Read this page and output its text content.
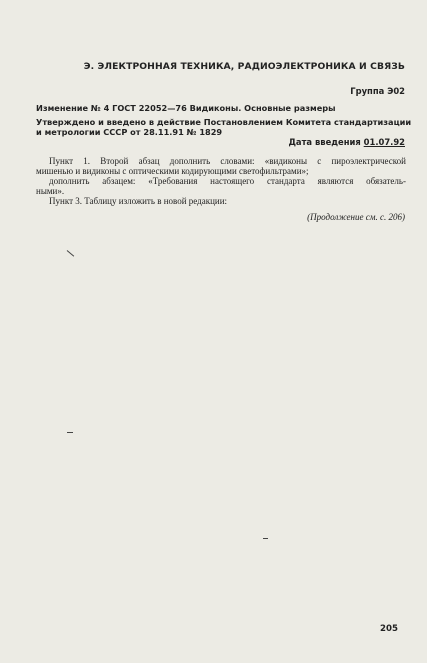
Э. ЭЛЕКТРОННАЯ ТЕХНИКА, РАДИОЭЛЕКТРОНИКА И СВЯЗЬ
Группа Э02
Изменение № 4 ГОСТ 22052—76 Видиконы. Основные размеры
Утверждено и введено в действие Постановлением Комитета стандартизации
и метрологии СССР от 28.11.91 № 1829
Дата введения 01.07.92
Пункт 1. Второй абзац дополнить словами: «видиконы с пироэлектрической
мишенью и видиконы с оптическими кодирующими светофильтрами»;
дополнить абзацем: «Требования настоящего стандарта являются обязатель-
ными».
Пункт 3. Таблицу изложить в новой редакции:
(Продолжение см. с. 206)
205
